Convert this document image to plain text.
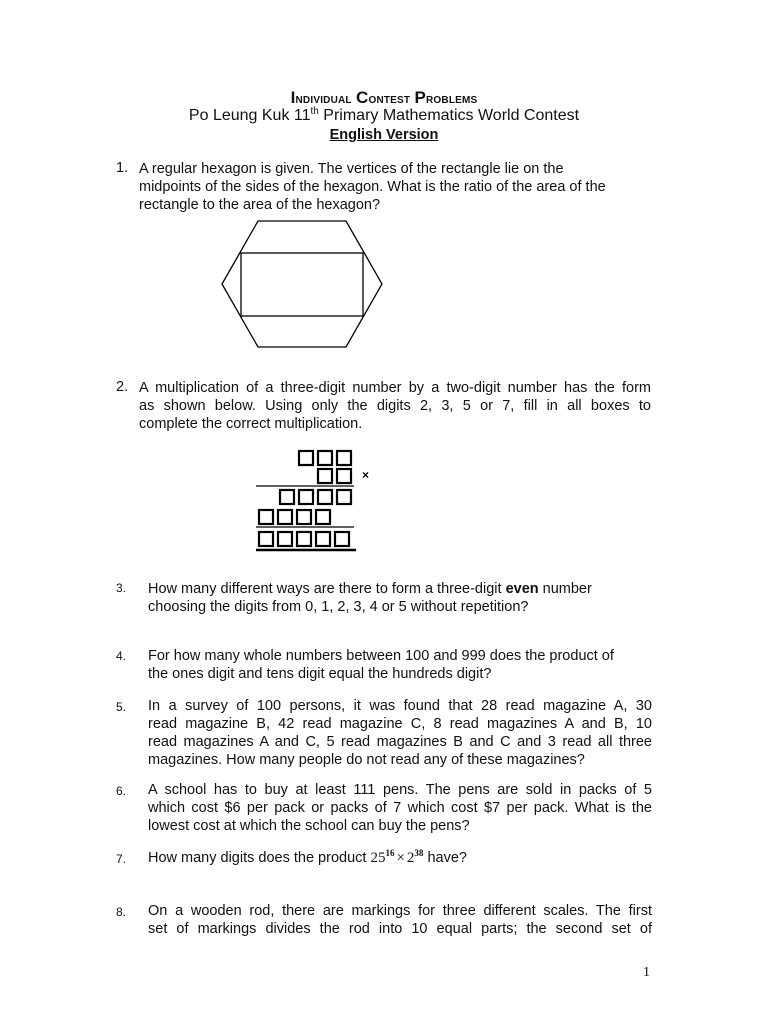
Individual Contest Problems
Po Leung Kuk 11th Primary Mathematics World Contest
English Version
1. A regular hexagon is given. The vertices of the rectangle lie on the
midpoints of the sides of the hexagon. What is the ratio of the area of the
rectangle to the area of the hexagon?
2. A multiplication of a three-digit number by a two-digit number has the form
as shown below. Using only the digits 2, 3, 5 or 7, fill in all boxes to
complete the correct multiplication.
×
3. How many different ways are there to form a three-digit even number
choosing the digits from 0, 1, 2, 3, 4 or 5 without repetition?
4. For how many whole numbers between 100 and 999 does the product of
the ones digit and tens digit equal the hundreds digit?
5. In a survey of 100 persons, it was found that 28 read magazine A, 30
read magazine B, 42 read magazine C, 8 read magazines A and B, 10
read magazines A and C, 5 read magazines B and C and 3 read all three
magazines. How many people do not read any of these magazines?
6. A school has to buy at least 111 pens. The pens are sold in packs of 5
which cost $6 per pack or packs of 7 which cost $7 per pack. What is the
lowest cost at which the school can buy the pens?
7. How many digits does the product $25^{16} \times 2^{38}$ have?
8. On a wooden rod, there are markings for three different scales. The first
set of markings divides the rod into 10 equal parts; the second set of
1
